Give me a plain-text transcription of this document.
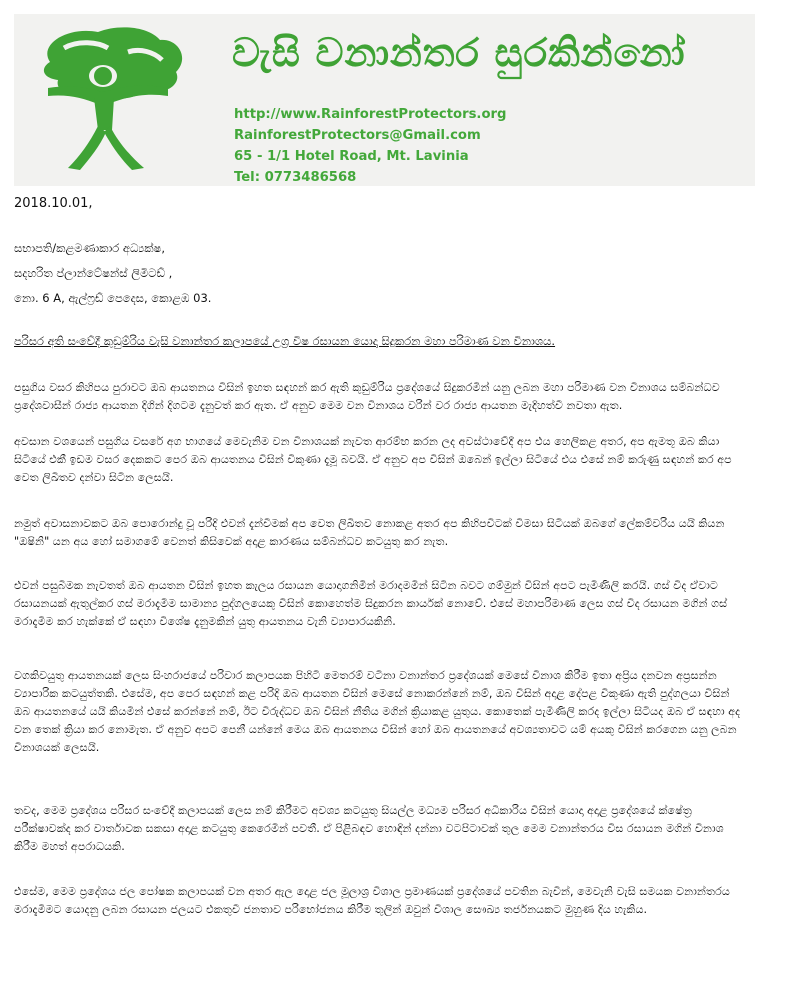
වැසි වනාන්තර සුරකින්නෝ
http://www.RainforestProtectors.org
RainforestProtectors@Gmail.com
65 - 1/1 Hotel Road, Mt. Lavinia
Tel: 0773486568
2018.10.01,
සභාපති/කළමණාකාර අධ්‍යක්ෂ,
සදහරිත ප්ලාන්ටේෂන්ස් ලිමිටඩ් ,
නො. 6 A, ඇල්ෆ්‍රඩ් පෙදෙස, කොළඹ 03.
පරිසර අති සංවේදී කුඩුම්රිය වැසි වනාන්තර කලාපයේ උග්‍ර විෂ රසායන යොදා සිදුකරන මහා පරිමාණ වන විනාශය.
පසුගිය වසර කිහිපය පුරාවට ඔබ ආයතනය විසින් ඉහත සඳහන් කර ඇති කුඩුම්රිය ප්‍රදේශයේ සිදුකරමින් යනු ලබන මහා පරිමාණ වන විනාශය සම්බන්ධව ප්‍රදේශවාසීන් රාජ්‍ය ආයතන දිගින් දිගටම දැනුවත් කර ඇත. ඒ අනුව මෙම වන විනාශය වරින් වර රාජ්‍ය ආයතන මැදිහත්වී නවතා ඇත.
අවසාන වශයෙන් පසුගිය වසරේ අග භාගයේ මෙවැනිම වන විනාශයක් නැවත ආරම්භ කරන ලද අවස්ථාවේදී අප එය හෙලිකළ අතර, අප ඇමතූ ඔබ කියා සිටියේ එකී ඉඩම වසර දෙකකට පෙර ඔබ ආයතනය විසින් විකුණා දැමූ බවයි. ඒ අනුව අප විසින් ඔබෙන් ඉල්ලා සිටියේ එය එසේ නම් කරුණු සඳහන් කර අප වෙත ලිඛිතව දන්වා සිටින ලෙසයි.
නමුත් අවාසනාවකට ඔබ පොරොන්දු වූ පරිදි එවන් දැන්වීමක් අප වෙත ලිඛිතව නොකළ අතර අප කිහිපවිටක් විමසා සිටියක් ඔබගේ ලේකම්වරිය යයි කියන "ඔෂිනි" යන අය හෝ සමාගමේ වෙනත් කිසිවෙක් අදාළ කාරණය සම්බන්ධව කටයුතු කර නැත.
එවන් පසුබිමක නැවතත් ඔබ ආයතන විසින් ඉහත කැලය රසායන යොදාගනිමින් මරාදමමින් සිටින බවට ගම්මුන් විසින් අපට පැමිණිලි කරයි. ගස් විද ඒවාට රසායනයක් ඇතුල්කර ගස් මරාදැමීම සාමාන්‍ය පුද්ගලයෙකු විසින් කොහෙත්ම සිදුකරන කාර්යක් නොවේ. එසේ මහාපරිමාණ ලෙස ගස් විද රසායන මගින් ගස් මරාදැමීම කර හැක්කේ ඒ සඳහා විශේෂ දැනුමකින් යුතු ආයතනය වැනි ව්‍යාපාරයකිනි.
වගකිවයුතු ආයතනයක් ලෙස සිංහරාජයේ පරිවාර කලාපයක පිහිටි මෙතරම් වටිනා වනාන්තර ප්‍රදේශයක් මෙසේ විනාශ කිරීම ඉතා අප්‍රිය දනවන අප්‍රසන්න ව්‍යාපාරික කටයුත්තකි. එසේම, අප පෙර සඳහන් කළ පරිදි ඔබ ආයතන විසින් මෙසේ නොකරන්නේ නම්, ඔබ විසින් අදාළ දේපළ විකුණා ඇති පුද්ගලයා විසින් ඔබ ආයතනයේ යයි කියමින් එසේ කරන්නේ නම්, ඊට විරුද්ධව ඔබ විසින් නීතිය මගින් ක්‍රියාකළ යුතුය. කොතෙක් පැමිණිලි කරද ඉල්ලා සිටියද ඔබ ඒ සඳහා අද වන තෙක් ක්‍රියා කර නොමැත. ඒ අනුව අපට පෙනී යන්නේ මෙය ඔබ ආයතනය විසින් හෝ ඔබ ආයතනයේ අවශ්‍යතාවට යම් අයකු විසින් කරගෙන යනු ලබන විනාශයක් ලෙසයි.
තවද, මෙම ප්‍රදේශය පරිසර සංවේදී කලාපයක් ලෙස නම් කිරීමට අවශ්‍ය කටයුතු සියල්ල මධ්‍යම පරිසර අධිකාරිය විසින් යොදා අදාළ ප්‍රදේශයේ ක්ෂේත්‍ර පරීක්ෂාවක්ද කර වාර්තාවක සකසා අදාළ කටයුතු කෙරෙමින් පවතී. ඒ පිළිබඳව හොඳින් දන්නා වටපිටාවක් තුල මෙම වනාන්තරය විස රසායන මගින් විනාශ කිරීම මහත් අපරාධයකි.
එසේම, මෙම ප්‍රදේශය ජල පෝෂක කලාපයක් වන අතර ඇල දොළ ජල මූලාශ්‍ර විශාල ප්‍රමාණයක් ප්‍රදේශයේ පවතින බැවින්, මෙවැනි වැසි සමයක වනාන්තරය මරාදැමීමට යොදනු ලබන රසායන ජලයට එකතුවී ජනතාව පරිභෝජනය කිරීම තුලින් ඔවුන් විශාල සෞඛ්‍ය තර්ජනයකට මුහුණ දිය හැකිය.
